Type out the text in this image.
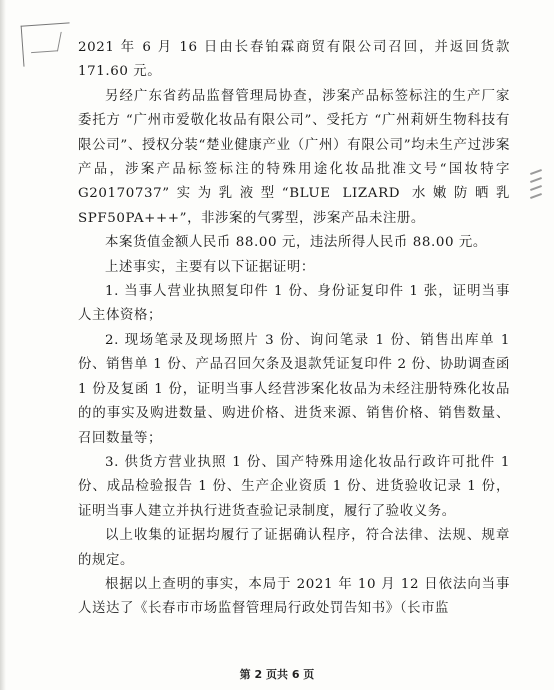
2021 年 6 月 16 日由长春铂霖商贸有限公司召回，并返回货款 171.60 元。

另经广东省药品监督管理局协查，涉案产品标签标注的生产厂家委托方 “广州市爱敬化妆品有限公司”、受托方 “广州莉妍生物科技有限公司”、授权分装“楚业健康产业（广州）有限公司”均未生产过涉案产品，涉案产品标签标注的特殊用途化妆品批准文号“国妆特字 G20170737”实为乳液型“BLUE LIZARD 水嫩防晒乳 SPF50PA+++”，非涉案的气雾型，涉案产品未注册。

本案货值金额人民币 88.00 元，违法所得人民币 88.00 元。

上述事实，主要有以下证据证明：

1. 当事人营业执照复印件 1 份、身份证复印件 1 张，证明当事人主体资格；

2. 现场笔录及现场照片 3 份、询问笔录 1 份、销售出库单 1 份、销售单 1 份、产品召回欠条及退款凭证复印件 2 份、协助调查函 1 份及复函 1 份，证明当事人经营涉案化妆品为未经注册特殊化妆品的的事实及购进数量、购进价格、进货来源、销售价格、销售数量、召回数量等；

3. 供货方营业执照 1 份、国产特殊用途化妆品行政许可批件 1 份、成品检验报告 1 份、生产企业资质 1 份、进货验收记录 1 份，证明当事人建立并执行进货查验记录制度，履行了验收义务。

以上收集的证据均履行了证据确认程序，符合法律、法规、规章的规定。

根据以上查明的事实，本局于 2021 年 10 月 12 日依法向当事人送达了《长春市市场监督管理局行政处罚告知书》（长市监

第 2 页共 6 页
